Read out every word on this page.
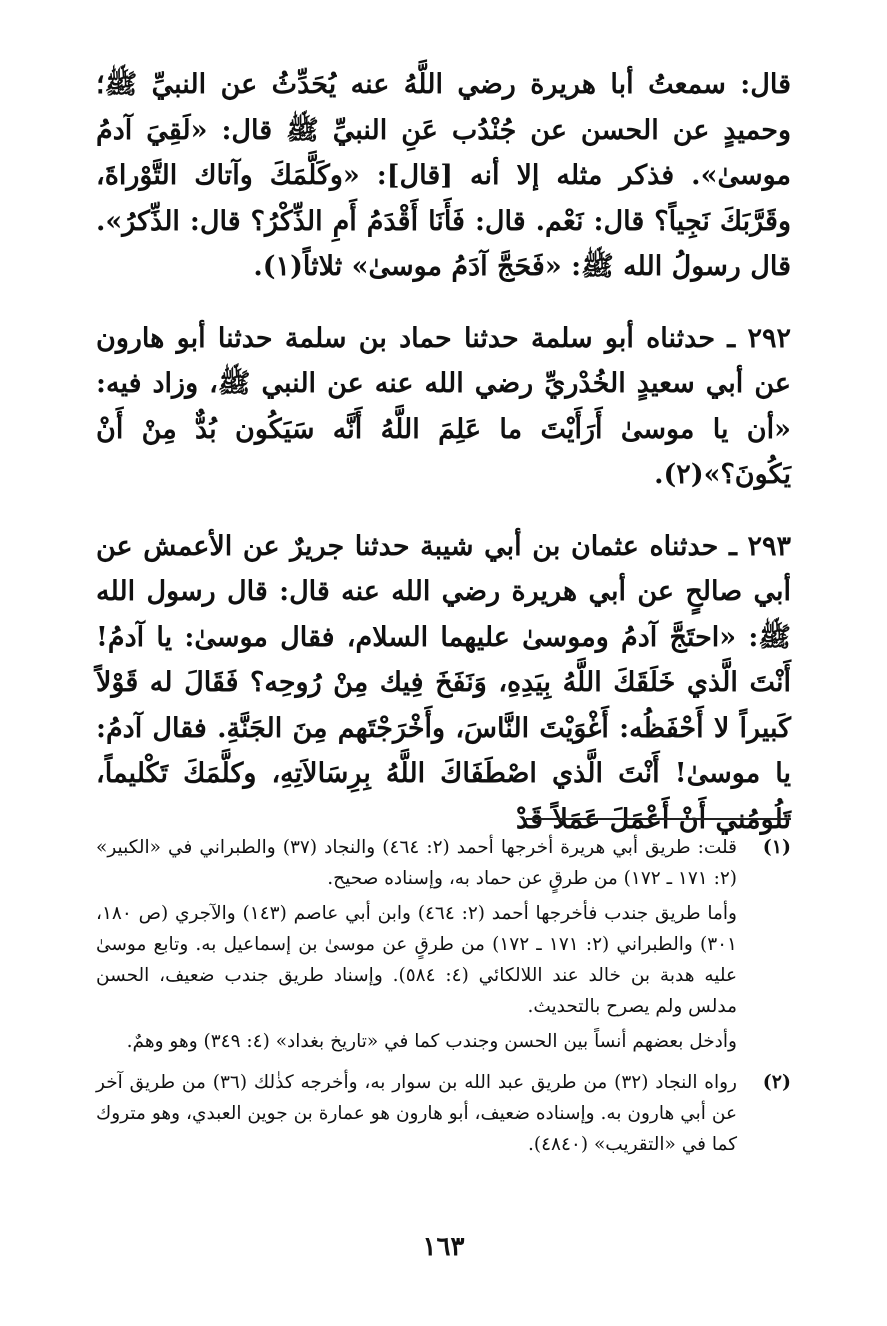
قال: سمعتُ أبا هريرة رضي اللَّهُ عنه يُحَدِّثُ عن النبيِّ ﷺ؛ وحميدٍ عن الحسن عن جُنْدُب عَنِ النبيِّ ﷺ قال: «لَقِيَ آدمُ موسىٰ». فذكر مثله إلا أنه [قال]: «وكَلَّمَكَ وآتاك التَّوْراةَ، وقَرَّبَكَ نَجِياً؟ قال: نَعْم. قال: فَأَنَا أَقْدَمُ أَمِ الذِّكْرُ؟ قال: الذِّكرُ». قال رسولُ الله ﷺ: «فَحَجَّ آدَمُ موسىٰ» ثلاثاً(١).

٢٩٢ ـ حدثناه أبو سلمة حدثنا حماد بن سلمة حدثنا أبو هارون عن أبي سعيدٍ الخُدْريِّ رضي الله عنه عن النبي ﷺ، وزاد فيه: «أن يا موسىٰ أَرَأَيْتَ ما عَلِمَ اللَّهُ أَنَّه سَيَكُون بُدٌّ مِنْ أَنْ يَكُونَ؟»(٢).

٢٩٣ ـ حدثناه عثمان بن أبي شيبة حدثنا جريرٌ عن الأعمش عن أبي صالحٍ عن أبي هريرة رضي الله عنه قال: قال رسول الله ﷺ: «احتَجَّ آدمُ وموسىٰ عليهما السلام، فقال موسىٰ: يا آدمُ! أَنْتَ الَّذي خَلَقَكَ اللَّهُ بِيَدِهِ، وَنَفَخَ فِيك مِنْ رُوحِه؟ فَقَالَ له قَوْلاً كَبيراً لا أَحْفَظُه: أَغْوَيْتَ النَّاسَ، وأَخْرَجْتَهم مِنَ الجَنَّةِ. فقال آدمُ: يا موسىٰ! أَنْتَ الَّذي اصْطَفَاكَ اللَّهُ بِرِسَالاَتِهِ، وكلَّمَكَ تَكْليماً، تَلُومُني أَنْ أَعْمَلَ عَمَلاً قَدْ

(١)

قلت: طريق أبي هريرة أخرجها أحمد (٢: ٤٦٤) والنجاد (٣٧) والطبراني في «الكبير» (٢: ١٧١ ـ ١٧٢) من طرقٍ عن حماد به، وإسناده صحيح.

وأما طريق جندب فأخرجها أحمد (٢: ٤٦٤) وابن أبي عاصم (١٤٣) والآجري (ص ١٨٠، ٣٠١) والطبراني (٢: ١٧١ ـ ١٧٢) من طرقٍ عن موسىٰ بن إسماعيل به. وتابع موسىٰ عليه هدبة بن خالد عند اللالكائي (٤: ٥٨٤). وإسناد طريق جندب ضعيف، الحسن مدلس ولم يصرح بالتحديث.

وأدخل بعضهم أنساً بين الحسن وجندب كما في «تاريخ بغداد» (٤: ٣٤٩) وهو وهمٌ.

(٢)

رواه النجاد (٣٢) من طريق عبد الله بن سوار به، وأخرجه كذٰلك (٣٦) من طريق آخر عن أبي هارون به. وإسناده ضعيف، أبو هارون هو عمارة بن جوين العبدي، وهو متروك كما في «التقريب» (٤٨٤٠).

١٦٣
